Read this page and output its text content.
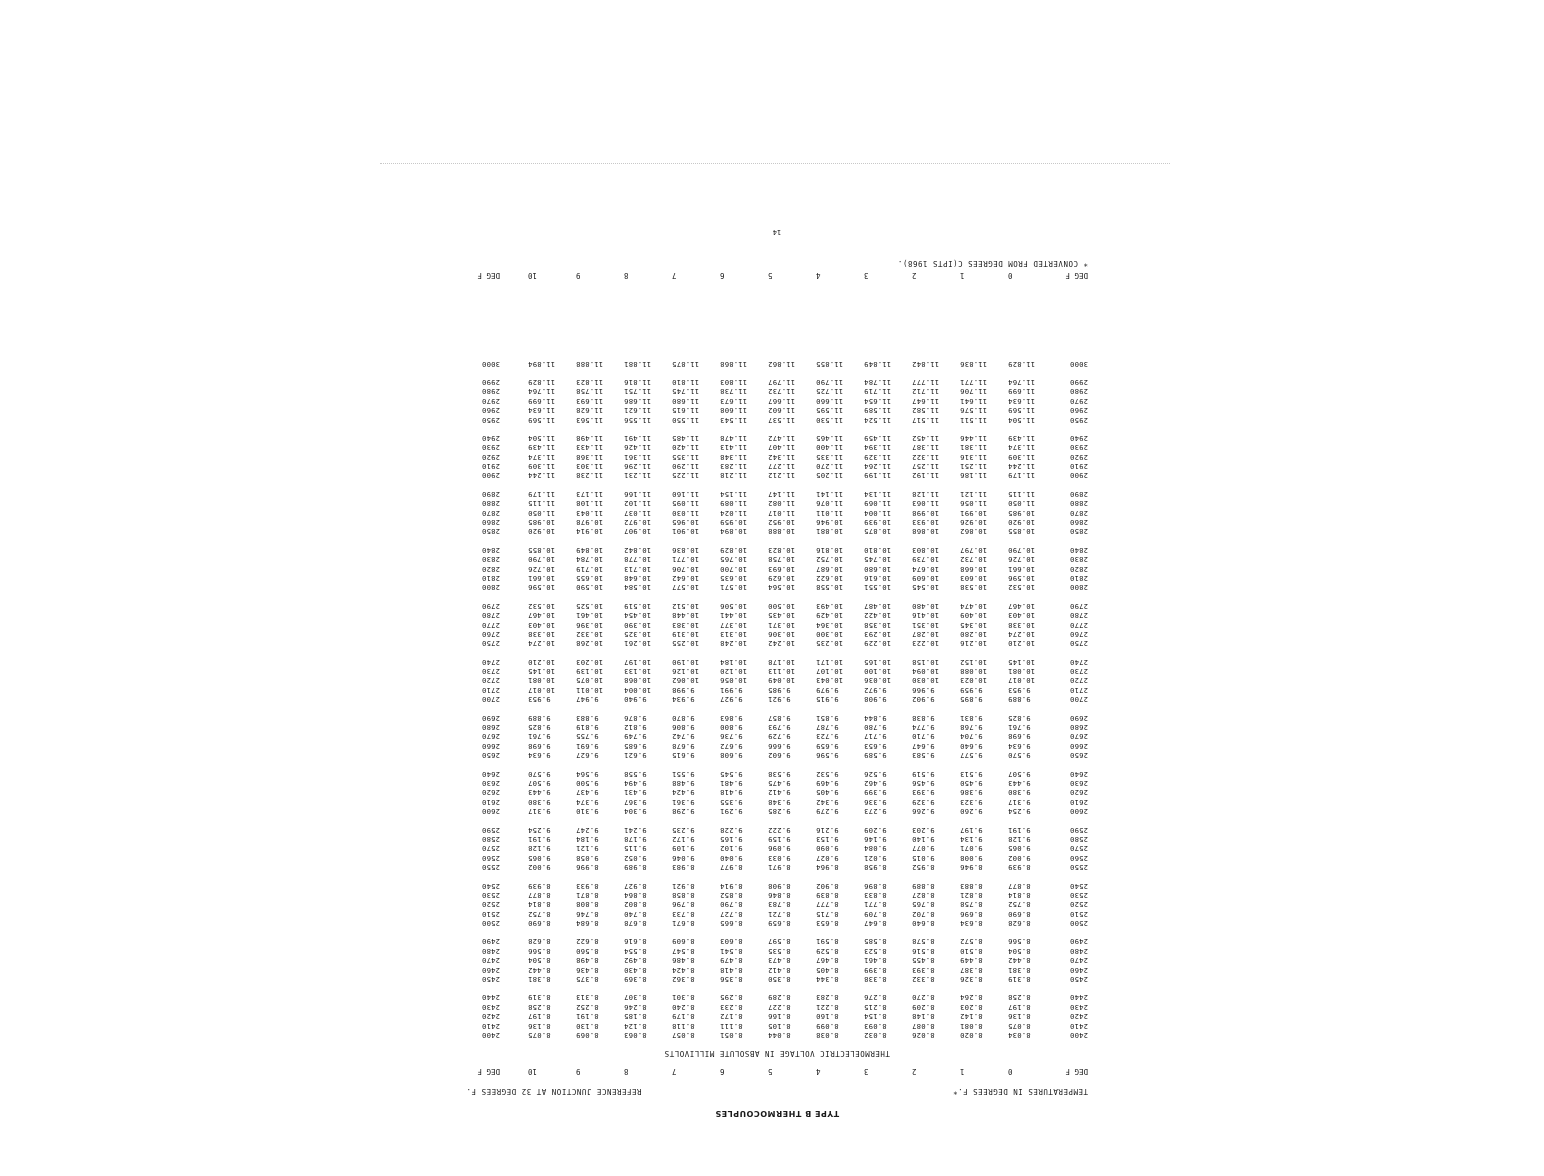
TYPE B THERMOCOUPLES
TEMPERATURES IN DEGREES F.*
REFERENCE JUNCTION AT 32 DEGREES F.
DEG F
0
1
2
3
4
5
6
7
8
9
10
DEG F
THERMOELECTRIC VOLTAGE IN ABSOLUTE MILLIVOLTS
2400
8.034
8.020
8.026
8.032
8.038
8.044
8.051
8.057
8.063
8.069
8.075
2400
2410
8.075
8.081
8.087
8.093
8.099
8.105
8.111
8.118
8.124
8.130
8.136
2410
2420
8.136
8.142
8.148
8.154
8.160
8.166
8.172
8.179
8.185
8.191
8.197
2420
2430
8.197
8.203
8.209
8.215
8.221
8.227
8.233
8.240
8.246
8.252
8.258
2430
2440
8.258
8.264
8.270
8.276
8.283
8.289
8.295
8.301
8.307
8.313
8.319
2440
2450
8.319
8.326
8.332
8.338
8.344
8.350
8.356
8.362
8.369
8.375
8.381
2450
2460
8.381
8.387
8.393
8.399
8.405
8.412
8.418
8.424
8.430
8.436
8.442
2460
2470
8.442
8.449
8.455
8.461
8.467
8.473
8.479
8.486
8.492
8.498
8.504
2470
2480
8.504
8.510
8.516
8.523
8.529
8.535
8.541
8.547
8.554
8.560
8.566
2480
2490
8.566
8.572
8.578
8.585
8.591
8.597
8.603
8.609
8.616
8.622
8.628
2490
2500
8.628
8.634
8.640
8.647
8.653
8.659
8.665
8.671
8.678
8.684
8.690
2500
2510
8.690
8.696
8.702
8.709
8.715
8.721
8.727
8.733
8.740
8.746
8.752
2510
2520
8.752
8.758
8.765
8.771
8.777
8.783
8.790
8.796
8.802
8.808
8.814
2520
2530
8.814
8.821
8.827
8.833
8.839
8.846
8.852
8.858
8.864
8.871
8.877
2530
2540
8.877
8.883
8.889
8.896
8.902
8.908
8.914
8.921
8.927
8.933
8.939
2540
2550
8.939
8.946
8.952
8.958
8.964
8.971
8.977
8.983
8.989
8.996
9.002
2550
2560
9.002
9.008
9.015
9.021
9.027
9.033
9.040
9.046
9.052
9.058
9.065
2560
2570
9.065
9.071
9.077
9.084
9.090
9.096
9.102
9.109
9.115
9.121
9.128
2570
2580
9.128
9.134
9.140
9.146
9.153
9.159
9.165
9.172
9.178
9.184
9.191
2580
2590
9.191
9.197
9.203
9.209
9.216
9.222
9.228
9.235
9.241
9.247
9.254
2590
2600
9.254
9.260
9.266
9.273
9.279
9.285
9.291
9.298
9.304
9.310
9.317
2600
2610
9.317
9.323
9.329
9.336
9.342
9.348
9.355
9.361
9.367
9.374
9.380
2610
2620
9.380
9.386
9.393
9.399
9.405
9.412
9.418
9.424
9.431
9.437
9.443
2620
2630
9.443
9.450
9.456
9.462
9.469
9.475
9.481
9.488
9.494
9.500
9.507
2630
2640
9.507
9.513
9.519
9.526
9.532
9.538
9.545
9.551
9.558
9.564
9.570
2640
2650
9.570
9.577
9.583
9.589
9.596
9.602
9.608
9.615
9.621
9.627
9.634
2650
2660
9.634
9.640
9.647
9.653
9.659
9.666
9.672
9.678
9.685
9.691
9.698
2660
2670
9.698
9.704
9.710
9.717
9.723
9.729
9.736
9.742
9.749
9.755
9.761
2670
2680
9.761
9.768
9.774
9.780
9.787
9.793
9.800
9.806
9.812
9.819
9.825
2680
2690
9.825
9.831
9.838
9.844
9.851
9.857
9.863
9.870
9.876
9.883
9.889
2690
2700
9.889
9.895
9.902
9.908
9.915
9.921
9.927
9.934
9.940
9.947
9.953
2700
2710
9.953
9.959
9.966
9.972
9.979
9.985
9.991
9.998
10.004
10.011
10.017
2710
2720
10.017
10.023
10.030
10.036
10.043
10.049
10.056
10.062
10.068
10.075
10.081
2720
2730
10.081
10.088
10.094
10.100
10.107
10.113
10.120
10.126
10.133
10.139
10.145
2730
2740
10.145
10.152
10.158
10.165
10.171
10.178
10.184
10.190
10.197
10.203
10.210
2740
2750
10.210
10.216
10.223
10.229
10.235
10.242
10.248
10.255
10.261
10.268
10.274
2750
2760
10.274
10.280
10.287
10.293
10.300
10.306
10.313
10.319
10.325
10.332
10.338
2760
2770
10.338
10.345
10.351
10.358
10.364
10.371
10.377
10.383
10.390
10.396
10.403
2770
2780
10.403
10.409
10.416
10.422
10.429
10.435
10.441
10.448
10.454
10.461
10.467
2780
2790
10.467
10.474
10.480
10.487
10.493
10.500
10.506
10.512
10.519
10.525
10.532
2790
2800
10.532
10.538
10.545
10.551
10.558
10.564
10.571
10.577
10.584
10.590
10.596
2800
2810
10.596
10.603
10.609
10.616
10.622
10.629
10.635
10.642
10.648
10.655
10.661
2810
2820
10.661
10.668
10.674
10.680
10.687
10.693
10.700
10.706
10.713
10.719
10.726
2820
2830
10.726
10.732
10.739
10.745
10.752
10.758
10.765
10.771
10.778
10.784
10.790
2830
2840
10.790
10.797
10.803
10.810
10.816
10.823
10.829
10.836
10.842
10.849
10.855
2840
2850
10.855
10.862
10.868
10.875
10.881
10.888
10.894
10.901
10.907
10.914
10.920
2850
2860
10.920
10.926
10.933
10.939
10.946
10.952
10.959
10.965
10.972
10.978
10.985
2860
2870
10.985
10.991
10.998
11.004
11.011
11.017
11.024
11.030
11.037
11.043
11.050
2870
2880
11.050
11.056
11.063
11.069
11.076
11.082
11.089
11.095
11.102
11.108
11.115
2880
2890
11.115
11.121
11.128
11.134
11.141
11.147
11.154
11.160
11.166
11.173
11.179
2890
2900
11.179
11.186
11.192
11.199
11.205
11.212
11.218
11.225
11.231
11.238
11.244
2900
2910
11.244
11.251
11.257
11.264
11.270
11.277
11.283
11.290
11.296
11.303
11.309
2910
2920
11.309
11.316
11.322
11.329
11.335
11.342
11.348
11.355
11.361
11.368
11.374
2920
2930
11.374
11.381
11.387
11.394
11.400
11.407
11.413
11.420
11.426
11.433
11.439
2930
2940
11.439
11.446
11.452
11.459
11.465
11.472
11.478
11.485
11.491
11.498
11.504
2940
2950
11.504
11.511
11.517
11.524
11.530
11.537
11.543
11.550
11.556
11.563
11.569
2950
2960
11.569
11.576
11.582
11.589
11.595
11.602
11.608
11.615
11.621
11.628
11.634
2960
2970
11.634
11.641
11.647
11.654
11.660
11.667
11.673
11.680
11.686
11.693
11.699
2970
2980
11.699
11.706
11.712
11.719
11.725
11.732
11.738
11.745
11.751
11.758
11.764
2980
2990
11.764
11.771
11.777
11.784
11.790
11.797
11.803
11.810
11.816
11.823
11.829
2990
3000
11.829
11.836
11.842
11.849
11.855
11.862
11.868
11.875
11.881
11.888
11.894
3000
DEG F
0
1
2
3
4
5
6
7
8
9
10
DEG F
* CONVERTED FROM DEGREES C(IPTS 1968).
14
